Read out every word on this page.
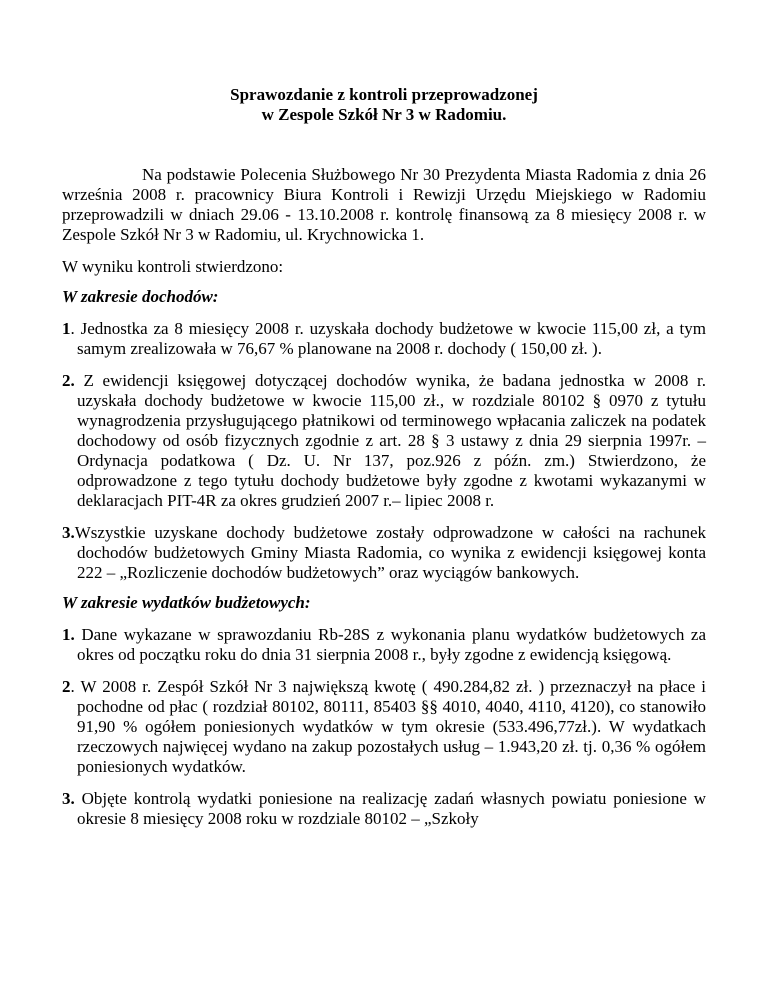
Sprawozdanie z kontroli przeprowadzonej
w Zespole Szkół Nr 3 w Radomiu.

Na podstawie Polecenia Służbowego Nr 30 Prezydenta Miasta Radomia z dnia 26 września 2008 r. pracownicy Biura Kontroli i Rewizji Urzędu Miejskiego w Radomiu przeprowadzili w dniach 29.06 - 13.10.2008 r. kontrolę finansową za 8 miesięcy 2008 r. w Zespole Szkół Nr 3 w Radomiu, ul. Krychnowicka 1.

W wyniku kontroli stwierdzono:

W zakresie dochodów:

1. Jednostka za 8 miesięcy 2008 r. uzyskała dochody budżetowe w kwocie 115,00 zł, a tym samym zrealizowała w 76,67 % planowane na 2008 r. dochody ( 150,00 zł. ).

2. Z ewidencji księgowej dotyczącej dochodów wynika, że badana jednostka w 2008 r. uzyskała dochody budżetowe w kwocie 115,00 zł., w rozdziale 80102 § 0970 z tytułu wynagrodzenia przysługującego płatnikowi od terminowego wpłacania zaliczek na podatek dochodowy od osób fizycznych zgodnie z art. 28 § 3 ustawy z dnia 29 sierpnia 1997r. – Ordynacja podatkowa ( Dz. U. Nr 137, poz.926 z późn. zm.) Stwierdzono, że odprowadzone z tego tytułu dochody budżetowe były zgodne z kwotami wykazanymi w deklaracjach PIT-4R za okres grudzień 2007 r.– lipiec 2008 r.

3.Wszystkie uzyskane dochody budżetowe zostały odprowadzone w całości na rachunek dochodów budżetowych Gminy Miasta Radomia, co wynika z ewidencji księgowej konta 222 – „Rozliczenie dochodów budżetowych” oraz wyciągów bankowych.

W zakresie wydatków budżetowych:

1. Dane wykazane w sprawozdaniu Rb-28S z wykonania planu wydatków budżetowych za okres od początku roku do dnia 31 sierpnia 2008 r., były zgodne z ewidencją księgową.

2. W 2008 r. Zespół Szkół Nr 3 największą kwotę ( 490.284,82 zł. ) przeznaczył na płace i pochodne od płac ( rozdział 80102, 80111, 85403 §§ 4010, 4040, 4110, 4120), co stanowiło 91,90 % ogółem poniesionych wydatków w tym okresie (533.496,77zł.). W wydatkach rzeczowych najwięcej wydano na zakup pozostałych usług – 1.943,20 zł. tj. 0,36 % ogółem poniesionych wydatków.

3. Objęte kontrolą wydatki poniesione na realizację zadań własnych powiatu poniesione w okresie 8 miesięcy 2008 roku w rozdziale 80102 – „Szkoły
